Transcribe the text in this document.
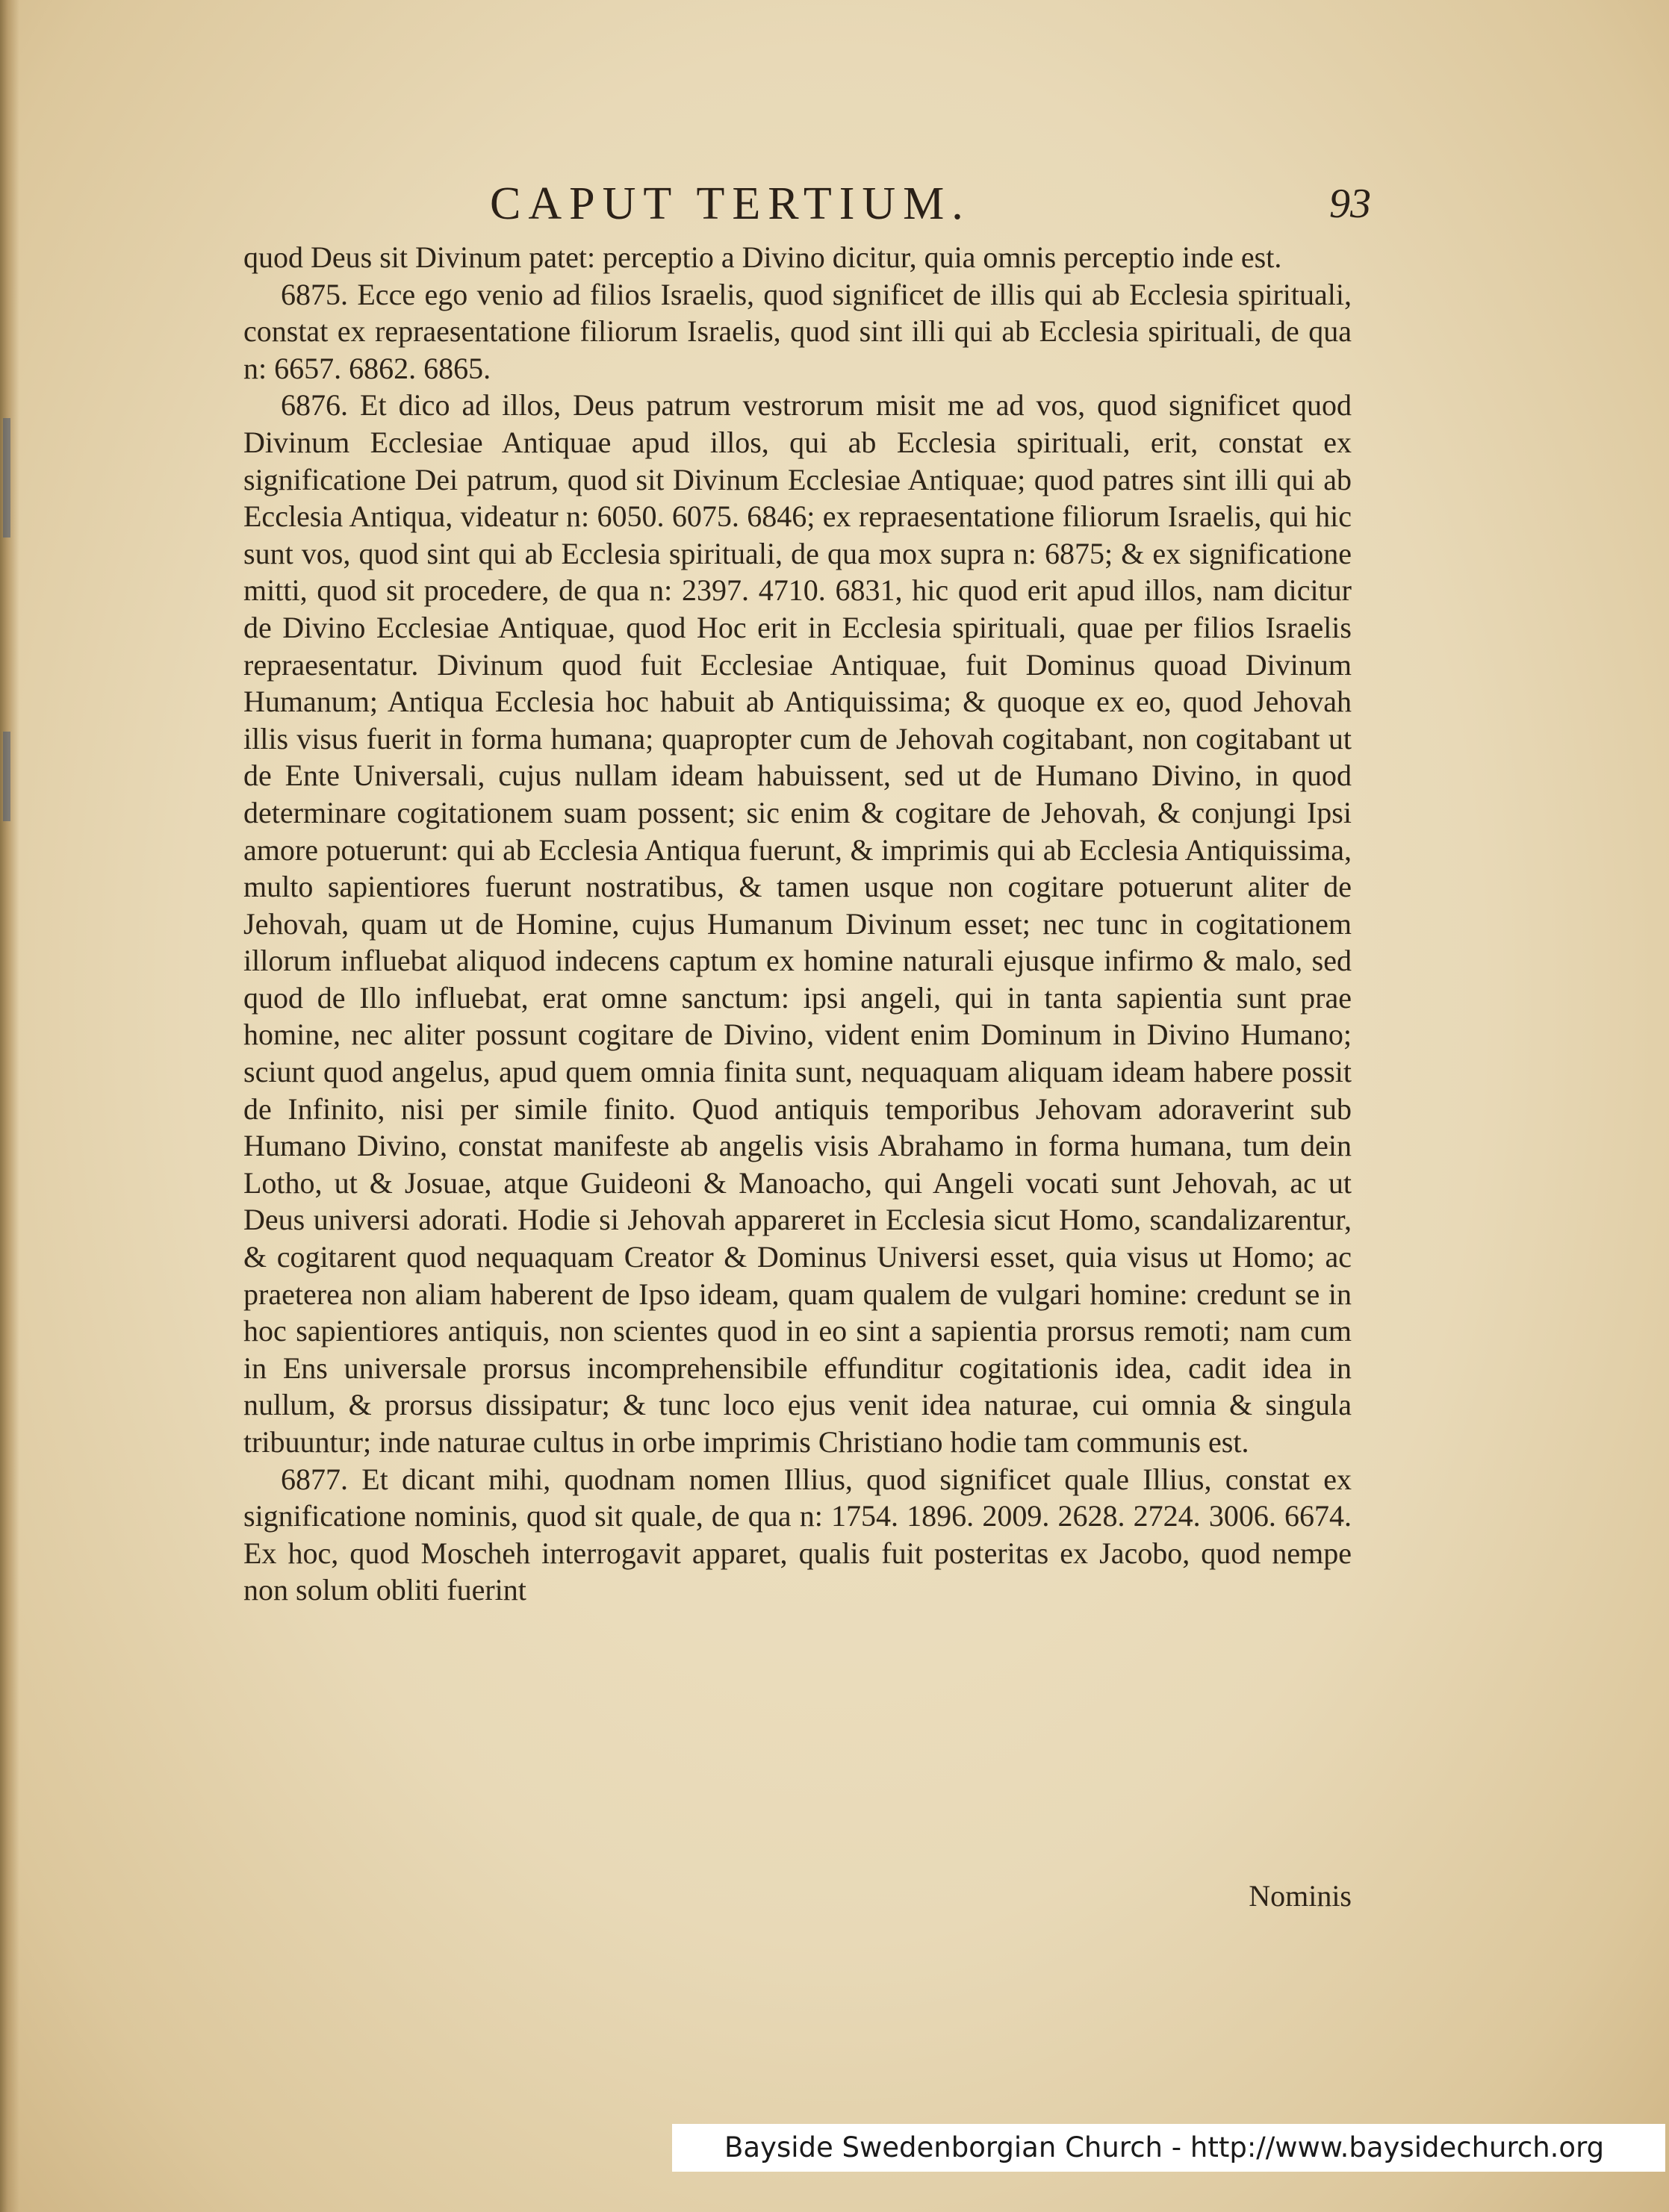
CAPUT TERTIUM.	93

quod Deus sit Divinum patet: perceptio a Divino dicitur, quia omnis perceptio inde est.

6875. Ecce ego venio ad filios Israelis, quod significet de illis qui ab Ecclesia spirituali, constat ex repraesentatione filiorum Israelis, quod sint illi qui ab Ecclesia spirituali, de qua n: 6657. 6862. 6865.

6876. Et dico ad illos, Deus patrum vestrorum misit me ad vos, quod significet quod Divinum Ecclesiae Antiquae apud illos, qui ab Ecclesia spirituali, erit, constat ex significatione Dei patrum, quod sit Divinum Ecclesiae Antiquae; quod patres sint illi qui ab Ecclesia Antiqua, videatur n: 6050. 6075. 6846; ex repraesentatione filiorum Israelis, qui hic sunt vos, quod sint qui ab Ecclesia spirituali, de qua mox supra n: 6875; & ex significatione mitti, quod sit procedere, de qua n: 2397. 4710. 6831, hic quod erit apud illos, nam dicitur de Divino Ecclesiae Antiquae, quod Hoc erit in Ecclesia spirituali, quae per filios Israelis repraesentatur. Divinum quod fuit Ecclesiae Antiquae, fuit Dominus quoad Divinum Humanum; Antiqua Ecclesia hoc habuit ab Antiquissima; & quoque ex eo, quod Jehovah illis visus fuerit in forma humana; quapropter cum de Jehovah cogitabant, non cogitabant ut de Ente Universali, cujus nullam ideam habuissent, sed ut de Humano Divino, in quod determinare cogitationem suam possent; sic enim & cogitare de Jehovah, & conjungi Ipsi amore potuerunt: qui ab Ecclesia Antiqua fuerunt, & imprimis qui ab Ecclesia Antiquissima, multo sapientiores fuerunt nostratibus, & tamen usque non cogitare potuerunt aliter de Jehovah, quam ut de Homine, cujus Humanum Divinum esset; nec tunc in cogitationem illorum influebat aliquod indecens captum ex homine naturali ejusque infirmo & malo, sed quod de Illo influebat, erat omne sanctum: ipsi angeli, qui in tanta sapientia sunt prae homine, nec aliter possunt cogitare de Divino, vident enim Dominum in Divino Humano; sciunt quod angelus, apud quem omnia finita sunt, nequaquam aliquam ideam habere possit de Infinito, nisi per simile finito. Quod antiquis temporibus Jehovam adoraverint sub Humano Divino, constat manifeste ab angelis visis Abrahamo in forma humana, tum dein Lotho, ut & Josuae, atque Guideoni & Manoacho, qui Angeli vocati sunt Jehovah, ac ut Deus universi adorati. Hodie si Jehovah appareret in Ecclesia sicut Homo, scandalizarentur, & cogitarent quod nequaquam Creator & Dominus Universi esset, quia visus ut Homo; ac praeterea non aliam haberent de Ipso ideam, quam qualem de vulgari homine: credunt se in hoc sapientiores antiquis, non scientes quod in eo sint a sapientia prorsus remoti; nam cum in Ens universale prorsus incomprehensibile effunditur cogitationis idea, cadit idea in nullum, & prorsus dissipatur; & tunc loco ejus venit idea naturae, cui omnia & singula tribuuntur; inde naturae cultus in orbe imprimis Christiano hodie tam communis est.

6877. Et dicant mihi, quodnam nomen Illius, quod significet quale Illius, constat ex significatione nominis, quod sit quale, de qua n: 1754. 1896. 2009. 2628. 2724. 3006. 6674. Ex hoc, quod Moscheh interrogavit apparet, qualis fuit posteritas ex Jacobo, quod nempe non solum obliti fuerint

Nominis
Bayside Swedenborgian Church - http://www.baysidechurch.org
